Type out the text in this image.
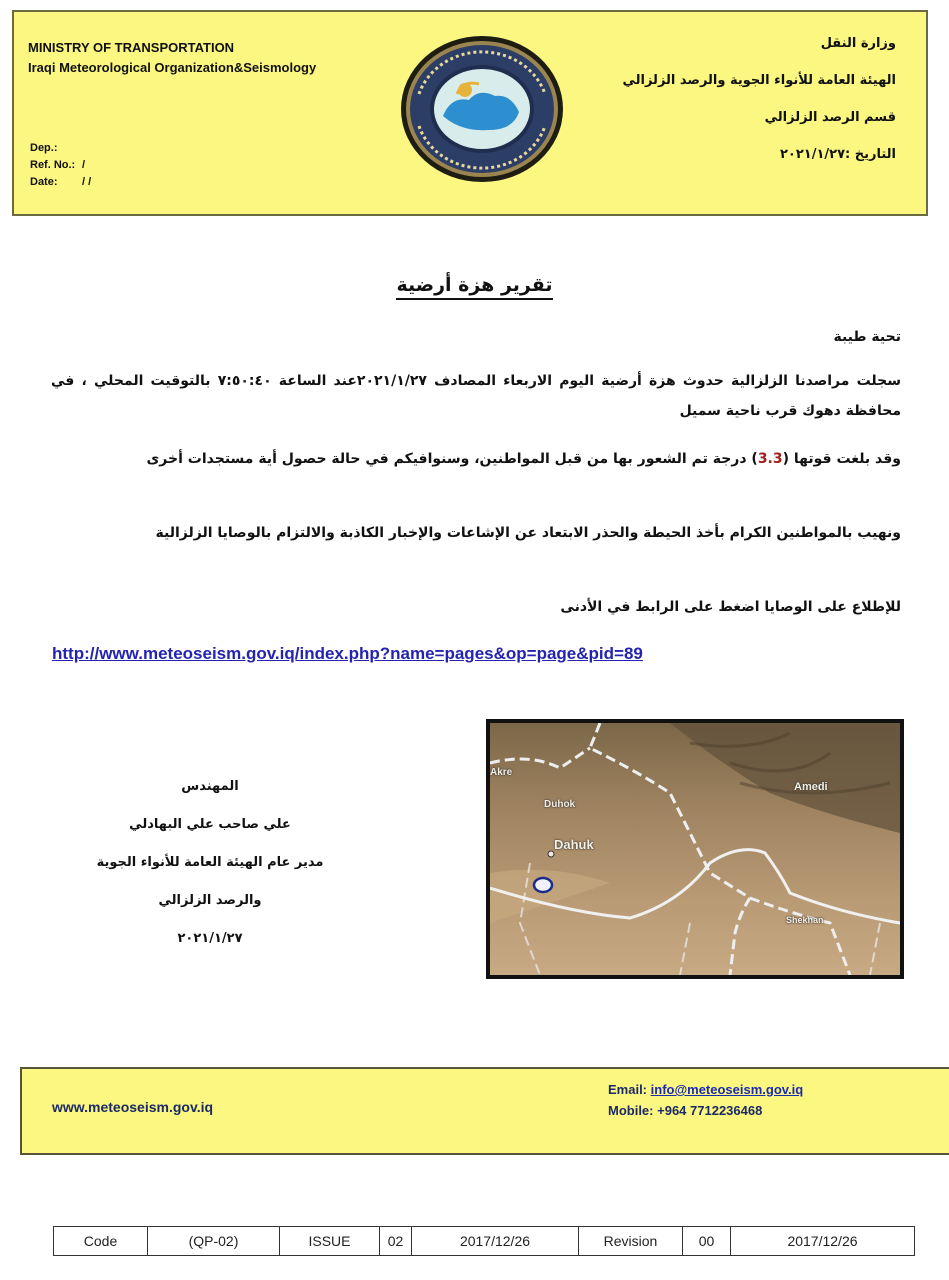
MINISTRY OF TRANSPORTATION
Iraqi Meteorological Organization&Seismology
Dep.:
Ref. No.: /
Date: / /
وزارة النقل
الهيئة العامة للأنواء الجوية والرصد الزلزالي
قسم الرصد الزلزالي
التاريخ :٢٠٢١/١/٢٧
تقرير هزة أرضية
تحية طيبة
سجلت مراصدنا الزلزالية حدوث هزة أرضية اليوم الاربعاء المصادف ٢٠٢١/١/٢٧عند الساعة ٧:٥٠:٤٠ بالتوقيت المحلي ، في محافظة دهوك قرب ناحية سميل
وقد بلغت قوتها (3.3) درجة تم الشعور بها من قبل المواطنين، وسنوافيكم في حالة حصول أية مستجدات أخرى
ونهيب بالمواطنين الكرام بأخذ الحيطة والحذر الابتعاد عن الإشاعات والإخبار الكاذبة والالتزام بالوصايا الزلزالية
للإطلاع على الوصايا اضغط على الرابط في الأدنى
http://www.meteoseism.gov.iq/index.php?name=pages&op=page&pid=89
المهندس
علي صاحب علي البهادلي
مدير عام الهيئة العامة للأنواء الجوية
والرصد الزلزالي
٢٠٢١/١/٢٧
Akre
Amedi
Duhok
Dahuk
Shekhan
www.meteoseism.gov.iq
Email: info@meteoseism.gov.iq
Mobile: +964 7712236468
Code	(QP-02)	ISSUE	02	2017/12/26	Revision	00	2017/12/26
